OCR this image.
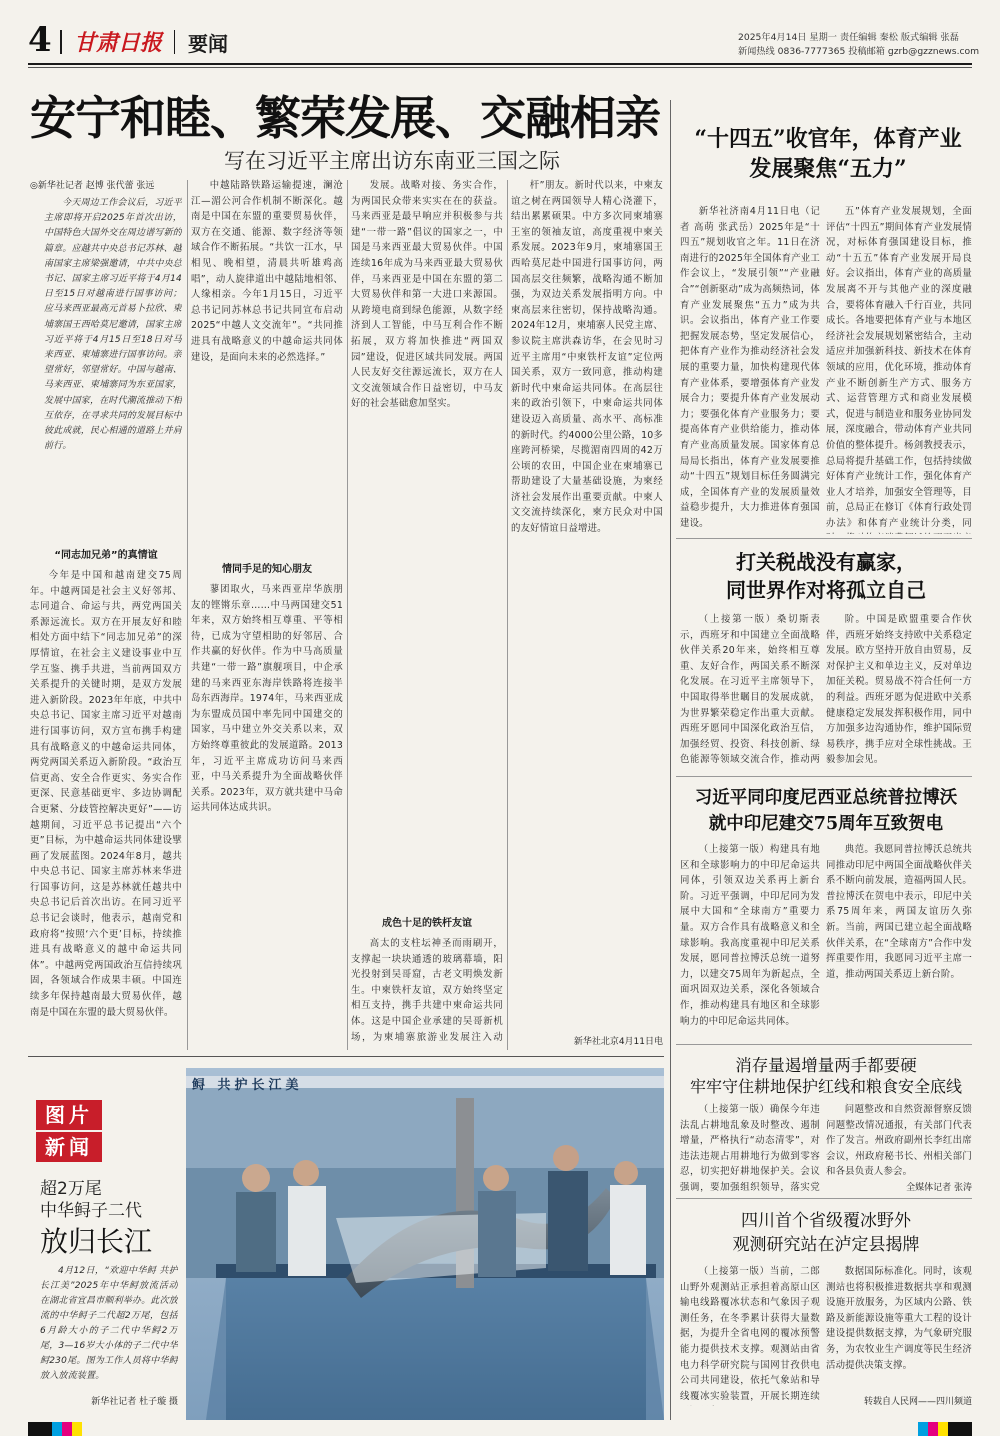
4 甘肃日报 要闻	2025年4月14日 星期一 责任编辑 秦松 版式编辑 张磊
新闻热线 0836-7777365 投稿邮箱 gzrb@gzznews.com
安宁和睦、繁荣发展、交融相亲
写在习近平主席出访东南亚三国之际
◎新华社记者 赵博 张代蕾 张远
今天周边工作会议后，习近平主席即将开启2025年首次出访，中国特色大国外交在周边谱写新的篇章。应越共中央总书记苏林、越南国家主席梁强邀请，中共中央总书记、国家主席习近平将于4月14日至15日对越南进行国事访问；应马来西亚最高元首易卜拉欣、柬埔寨国王西哈莫尼邀请，国家主席习近平将于4月15日至18日对马来西亚、柬埔寨进行国事访问。亲望常好，邻望常好。中国与越南、马来西亚、柬埔寨同为东亚国家，发展中国家，在时代潮流推动下相互依存，在寻求共同的发展目标中彼此成就，民心相通的道路上并肩前行。
“同志加兄弟”的真情谊
今年是中国和越南建交75周年。中越两国是社会主义好邻邦、志同道合、命运与共，两党两国关系源远流长。双方在开展友好和睦相处方面中结下“同志加兄弟”的深厚情谊，在社会主义建设事业中互学互鉴、携手共进，当前两国双方关系提升的关键时期，是双方发展进入新阶段。2023年年底，中共中央总书记、国家主席习近平对越南进行国事访问，双方宣布携手构建具有战略意义的中越命运共同体，两党两国关系迈入新阶段。“政治互信更高、安全合作更实、务实合作更深、民意基础更牢、多边协调配合更紧、分歧管控解决更好”——访越期间，习近平总书记提出“六个更”目标，为中越命运共同体建设擘画了发展蓝图。2024年8月，越共中央总书记、国家主席苏林来华进行国事访问，这是苏林就任越共中央总书记后首次出访。在同习近平总书记会谈时，他表示，越南党和政府将“按照‘六个更’目标，持续推进具有战略意义的越中命运共同体”。中越两党两国政治互信持续巩固，各领域合作成果丰硕。中国连续多年保持越南最大贸易伙伴，越南是中国在东盟的最大贸易伙伴。
中越陆路铁路运输提速，澜沧江—湄公河合作机制不断深化。越南是中国在东盟的重要贸易伙伴，双方在交通、能源、数字经济等领域合作不断拓展。“共饮一江水，早相见、晚相望，清晨共听雄鸡高唱”，动人旋律道出中越陆地相邻、人缘相亲。今年1月15日，习近平总书记同苏林总书记共同宣布启动2025“中越人文交流年”。“共同推进具有战略意义的中越命运共同体建设，是面向未来的必然选择。”
情同手足的知心朋友
蓼团取火，马来西亚岸华族朋友的铿锵乐章……中马两国建交51年来，双方始终相互尊重、平等相待，已成为守望相助的好邻居、合作共赢的好伙伴。作为中马高质量共建“一带一路”旗舰项目，中企承建的马来西亚东海岸铁路将连接半岛东西海岸。1974年，马来西亚成为东盟成员国中率先同中国建交的国家，马中建立外交关系以来，双方始终尊重彼此的发展道路。2013年，习近平主席成功访问马来西亚，中马关系提升为全面战略伙伴关系。2023年，双方就共建中马命运共同体达成共识。
发展。战略对接、务实合作，为两国民众带来实实在在的获益。马来西亚是最早响应并积极参与共建“一带一路”倡议的国家之一，中国是马来西亚最大贸易伙伴。中国连续16年成为马来西亚最大贸易伙伴，马来西亚是中国在东盟的第二大贸易伙伴和第一大进口来源国。从跨境电商到绿色能源，从数字经济到人工智能，中马互利合作不断拓展，双方将加快推进“两国双园”建设，促进区域共同发展。两国人民友好交往源远流长，双方在人文交流领域合作日益密切，中马友好的社会基础愈加坚实。
成色十足的铁杆友谊
高太的支柱坛神圣而雨刷开，支撑起一块块通透的玻璃幕墙，阳光投射到吴哥窟，古老文明焕发新生。中柬铁杆友谊，双方始终坚定相互支持，携手共建中柬命运共同体。这是中国企业承建的吴哥新机场，为柬埔寨旅游业发展注入动
杆”朋友。新时代以来，中柬友谊之树在两国领导人精心浇灌下，结出累累硕果。中方多次同柬埔寨王室的领袖友谊，高度重视中柬关系发展。2023年9月，柬埔寨国王西哈莫尼赴中国进行国事访问，两国高层交往频繁，战略沟通不断加强，为双边关系发展指明方向。中柬高层来往密切，保持战略沟通。2024年12月，柬埔寨人民党主席、参议院主席洪森访华，在会见时习近平主席用“中柬铁杆友谊”定位两国关系，双方一致同意，推动构建新时代中柬命运共同体。在高层往来的政治引领下，中柬命运共同体建设迈入高质量、高水平、高标准的新时代。约4000公里公路，10多座跨河桥梁，尽揽湄南四周的42万公顷的农田，中国企业在柬埔寨已帮助建设了大量基础设施，为柬经济社会发展作出重要贡献。中柬人文交流持续深化，柬方民众对中国的友好情谊日益增进。
新华社北京4月11日电
“十四五”收官年，体育产业发展聚焦“五力”
新华社济南4月11日电（记者 高萌 张武岳）2025年是“十四五”规划收官之年。11日在济南进行的2025年全国体育产业工作会议上，“发展引领”“产业融合”“创新驱动”成为高频热词，体育产业发展聚焦“五力”成为共识。会议指出，体育产业工作要把握发展态势，坚定发展信心，把体育产业作为推动经济社会发展的重要力量，加快构建现代体育产业体系，要增强体育产业发展合力；要提升体育产业发展动力；要强化体育产业服务力；要提高体育产业供给能力，推动体育产业高质量发展。国家体育总局局长指出，体育产业发展要推动“十四五”规划目标任务圆满完成，全国体育产业的发展质量效益稳步提升，大力推进体育强国建设。
五”体育产业发展规划，全面评估“十四五”期间体育产业发展情况，对标体育强国建设目标，推动“十五五”体育产业发展开局良好。会议指出，体育产业的高质量发展离不开与其他产业的深度融合，要将体育融入千行百业，共同成长。各地要把体育产业与本地区经济社会发展规划紧密结合，主动适应并加强新科技、新技术在体育领域的应用，优化环境，推动体育产业不断创新生产方式、服务方式、运营管理方式和商业发展模式，促进与制造业和服务业协同发展，深度融合，带动体育产业共同价值的整体提升。杨剑教授表示，总局将提升基础工作，包括持续做好体育产业统计工作，强化体育产业人才培养，加强安全管理等，目前，总局正在修订《体育行政处罚办法》和体育产业统计分类，同
打关税战没有赢家，
同世界作对将孤立自己
（上接第一版）桑切斯表示，西班牙和中国建立全面战略伙伴关系20年来，始终相互尊重、友好合作，两国关系不断深化发展。在习近平主席领导下，中国取得举世瞩目的发展成就，为世界繁荣稳定作出重大贡献。西班牙愿同中国深化政治互信，加强经贸、投资、科技创新、绿色能源等领域交流合作，推动两
阶。中国是欧盟重要合作伙伴，西班牙始终支持欧中关系稳定发展。欧方坚持开放自由贸易，反对保护主义和单边主义，反对单边加征关税。贸易战不符合任何一方的利益。西班牙愿为促进欧中关系健康稳定发展发挥积极作用，同中方加强多边沟通协作，维护国际贸易秩序，携手应对全球性挑战。王毅参加会见。
习近平同印度尼西亚总统普拉博沃
就中印尼建交75周年互致贺电
（上接第一版）构建具有地区和全球影响力的中印尼命运共同体，引领双边关系再上新台阶。习近平强调，中印尼同为发展中大国和“全球南方”重要力量。双方合作具有战略意义和全球影响。我高度重视中印尼关系发展，愿同普拉博沃总统一道努力，以建交75周年为新起点，全面巩固双边关系，深化各领域合作，推动构建具有地区和全球影响力的中印尼命运共同体。
典范。我愿同普拉博沃总统共同推动印尼中两国全面战略伙伴关系不断向前发展，造福两国人民。普拉博沃在贺电中表示，印尼中关系75周年来，两国友谊历久弥新。当前，两国已建立起全面战略伙伴关系，在“全球南方”合作中发挥重要作用，我愿同习近平主席一道，推动两国关系迈上新台阶。
消存量遏增量两手都要硬
牢牢守住耕地保护红线和粮食安全底线
（上接第一版）确保今年违法乱占耕地乱象及时整改、遏制增量，严格执行“动态清零”，对违法违规占用耕地行为做到零容忍，切实把好耕地保护关。会议强调，要加强组织领导，落实党
问题整改和自然资源督察反馈问题整改情况通报，有关部门代表作了发言。州政府副州长李红出席会议，州政府秘书长、州相关部门和各县负责人参会。
全媒体记者 张涛
四川首个省级覆冰野外
观测研究站在泸定县揭牌
（上接第一版）当前，二郎山野外观测站正承担着高原山区输电线路覆冰状态和气象因子观测任务，在冬季累计获得大量数据，为提升全省电网的覆冰预警能力提供技术支撑。观测站由省电力科学研究院与国网甘孜供电公司共同建设，依托气象站和导线覆冰实验装置，开展长期连续
数据国际标准化。同时，该观测站也将积极推进数据共享和观测设施开放服务，为区域内公路、铁路及新能源设施等重大工程的设计建设提供数据支撑，为气象研究服务，为农牧业生产调度等民生经济活动提供决策支撑。
转载自人民网——四川频道
图片
新闻
超2万尾
中华鲟子二代
放归长江
4月12日，“欢迎中华鲟 共护长江美”2025年中华鲟放流活动在湖北省宜昌市顺利举办。此次放流的中华鲟子二代超2万尾，包括6月龄大小的子二代中华鲟2万尾，3—16岁大小体的子二代中华鲟230尾。图为工作人员将中华鲟放入放流装置。
新华社记者 杜子璇 摄
鲟 共护长江美
